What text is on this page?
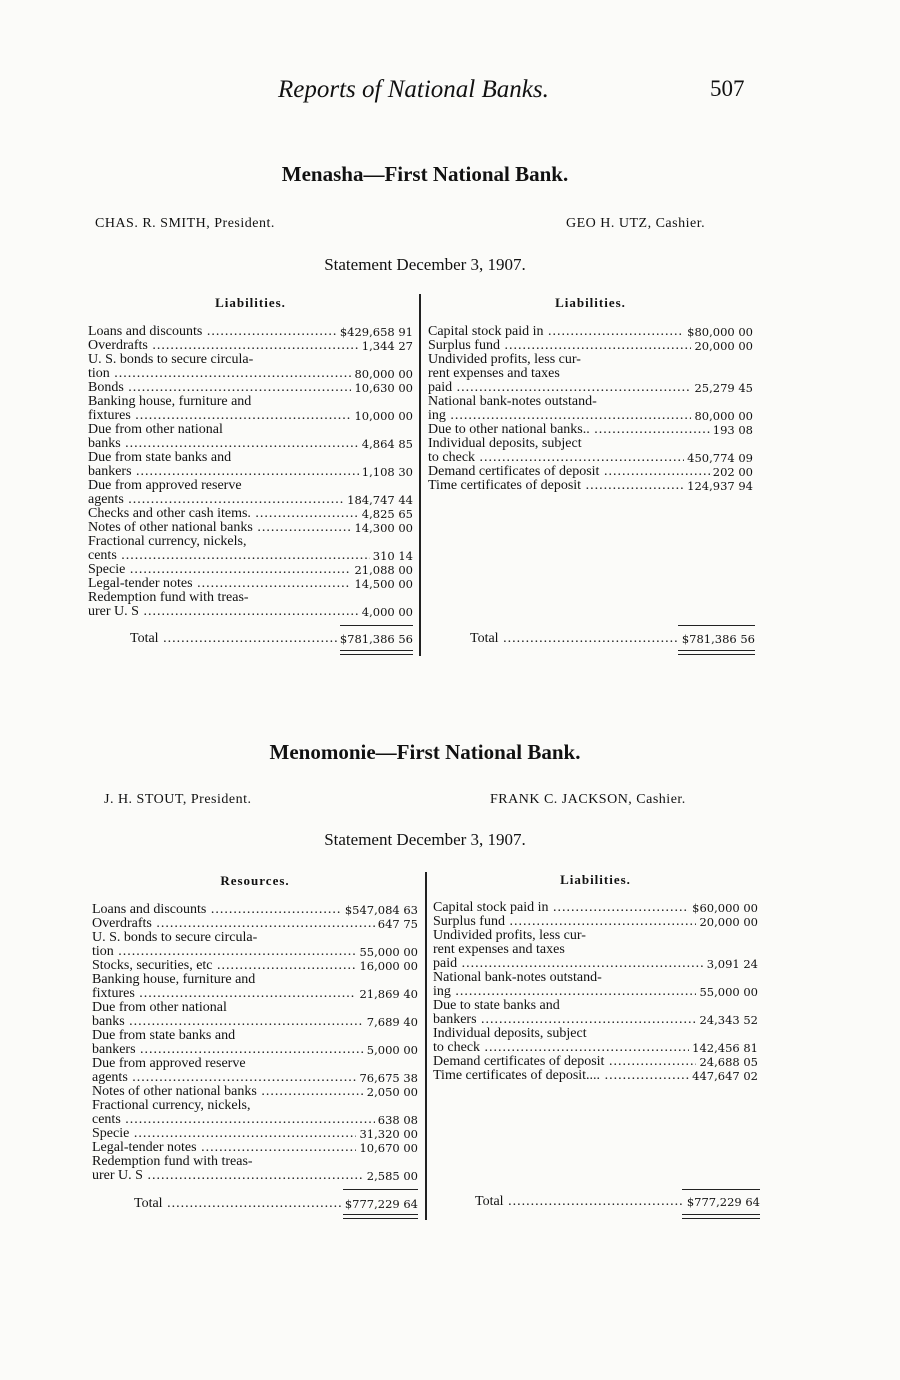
Reports of National Banks.	507
Menasha—First National Bank.
CHAS. R. SMITH, President.	GEO H. UTZ, Cashier.
Statement December 3, 1907.
Liabilities.	Liabilities.
Loans and discounts .....	$429,658 91
Overdrafts .....	1,344 27
U. S. bonds to secure circula-
tion .....	80,000 00
Bonds .....	10,630 00
Banking house, furniture and
fixtures .....	10,000 00
Due from other national
banks .....	4,864 85
Due from state banks and
bankers .....	1,108 30
Due from approved reserve
agents .....	184,747 44
Checks and other cash items. .....	4,825 65
Notes of other national banks .....	14,300 00
Fractional currency, nickels,
cents .....	310 14
Specie .....	21,088 00
Legal-tender notes .....	14,500 00
Redemption fund with treas-
urer U. S .....	4,000 00
Capital stock paid in .....	$80,000 00
Surplus fund .....	20,000 00
Undivided profits, less cur-
rent expenses and taxes
paid .....	25,279 45
National bank-notes outstand-
ing .....	80,000 00
Due to other national banks.. .....	193 08
Individual deposits, subject
to check .....	450,774 09
Demand certificates of deposit .....	202 00
Time certificates of deposit .....	124,937 94
Total .....	$781,386 56	Total .....	$781,386 56
Menomonie—First National Bank.
J. H. STOUT, President.	FRANK C. JACKSON, Cashier.
Statement December 3, 1907.
Resources.	Liabilities.
Loans and discounts .....	$547,084 63
Overdrafts .....	647 75
U. S. bonds to secure circula-
tion .....	55,000 00
Stocks, securities, etc .....	16,000 00
Banking house, furniture and
fixtures .....	21,869 40
Due from other national
banks .....	7,689 40
Due from state banks and
bankers .....	5,000 00
Due from approved reserve
agents .....	76,675 38
Notes of other national banks .....	2,050 00
Fractional currency, nickels,
cents .....	638 08
Specie .....	31,320 00
Legal-tender notes .....	10,670 00
Redemption fund with treas-
urer U. S .....	2,585 00
Capital stock paid in .....	$60,000 00
Surplus fund .....	20,000 00
Undivided profits, less cur-
rent expenses and taxes
paid .....	3,091 24
National bank-notes outstand-
ing .....	55,000 00
Due to state banks and
bankers .....	24,343 52
Individual deposits, subject
to check .....	142,456 81
Demand certificates of deposit .....	24,688 05
Time certificates of deposit.... .....	447,647 02
Total .....	$777,229 64	Total .....	$777,229 64
